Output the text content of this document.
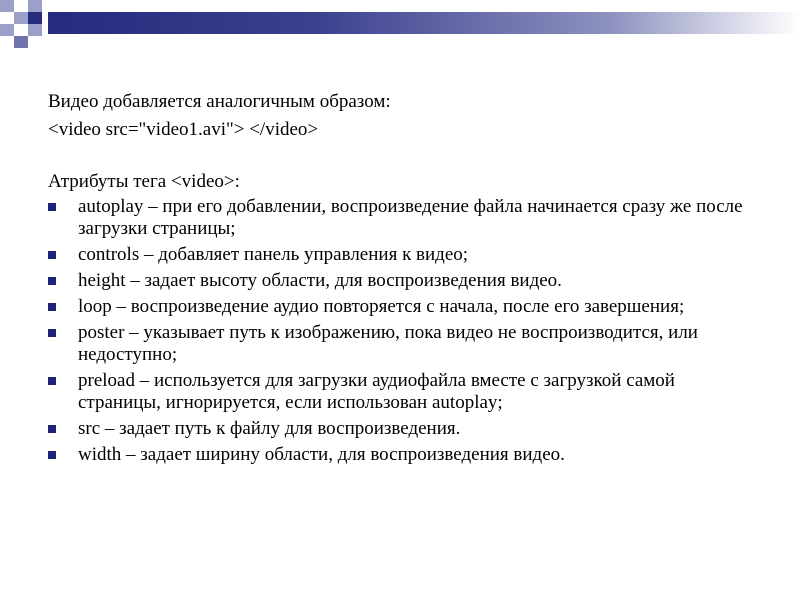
Видео добавляется аналогичным образом:

<video src="video1.avi"> </video>

Атрибуты тега <video>:

autoplay – при его добавлении, воспроизведение файла начинается сразу же после загрузки страницы;
controls – добавляет панель управления к видео;
height – задает высоту области, для воспроизведения видео.
loop – воспроизведение аудио повторяется с начала, после его завершения;
poster – указывает путь к изображению, пока видео не воспроизводится, или недоступно;
preload – используется для загрузки аудиофайла вместе с загрузкой самой страницы, игнорируется, если использован autoplay;
src – задает путь к файлу для воспроизведения.
width – задает ширину области, для воспроизведения видео.
